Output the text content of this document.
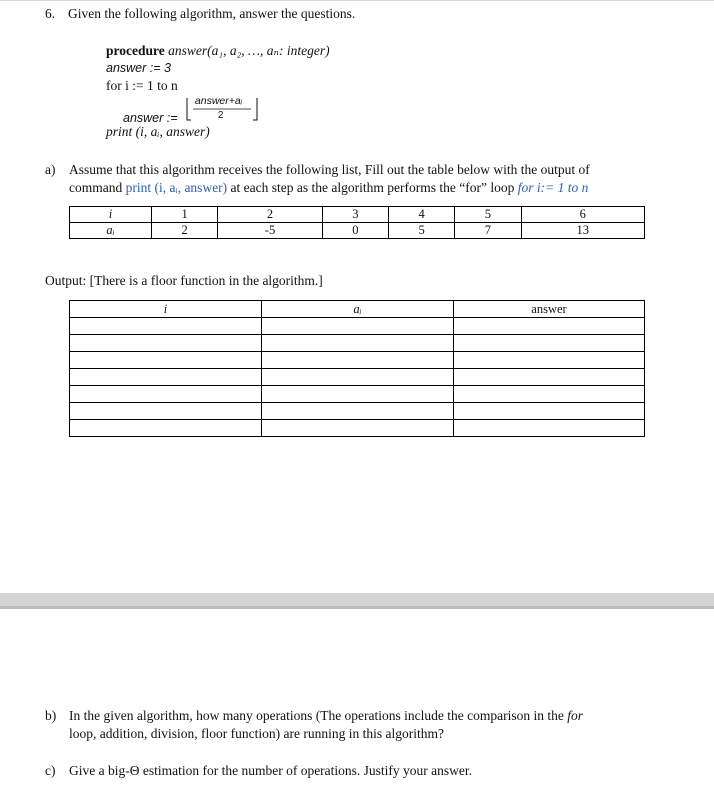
6. Given the following algorithm, answer the questions.
procedure answer(a₁, a₂, …, aₙ: integer)
answer := 3
for i := 1 to n
answer :=
answer+aᵢ
2
print (i, aᵢ, answer)
a) Assume that this algorithm receives the following list, Fill out the table below with the output of
command print (i, aᵢ, answer) at each step as the algorithm performs the “for” loop for i:= 1 to n
i	1	2	3	4	5	6
aᵢ	2	-5	0	5	7	13
Output: [There is a floor function in the algorithm.]
i	aᵢ	answer

b) In the given algorithm, how many operations (The operations include the comparison in the for
loop, addition, division, floor function) are running in this algorithm?
c) Give a big-Θ estimation for the number of operations. Justify your answer.
